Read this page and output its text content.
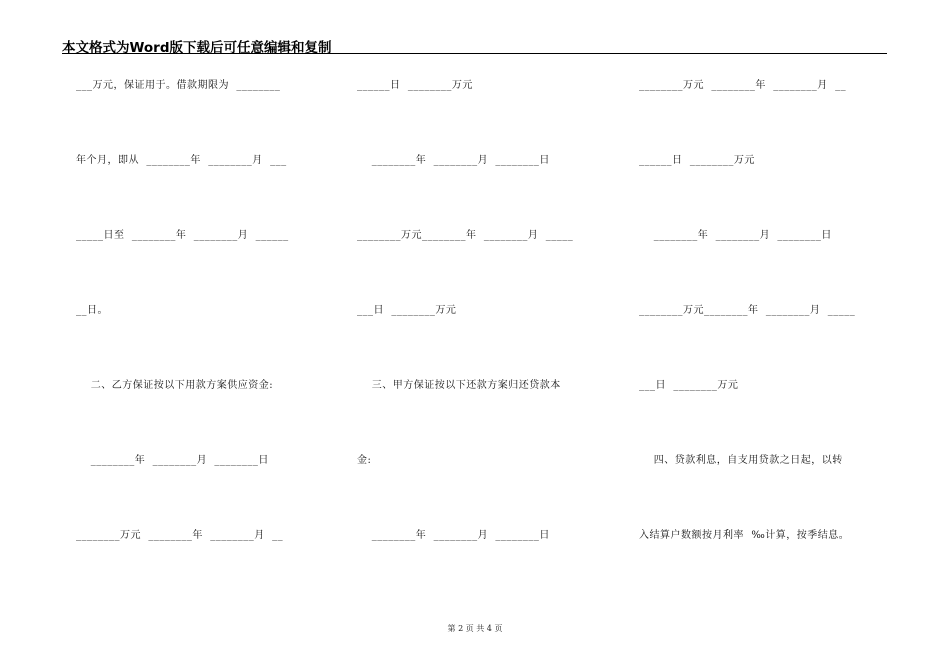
本文格式为Word版下载后可任意编辑和复制
___万元，保证用于。借款期限为  ________
年个月，即从  ________年  ________月  ___
_____日至  ________年  ________月  ______
__日。
二、乙方保证按以下用款方案供应资金:
________年  ________月  ________日
________万元  ________年  ________月  __
______日  ________万元
________年  ________月  ________日
________万元________年  ________月  _____
___日  ________万元
三、甲方保证按以下还款方案归还贷款本
金:
________年  ________月  ________日
________万元  ________年  ________月  __
______日  ________万元
________年  ________月  ________日
________万元________年  ________月  _____
___日  ________万元
四、贷款利息，自支用贷款之日起，以转
入结算户数额按月利率  ‰计算，按季结息。
第 2 页 共 4 页
